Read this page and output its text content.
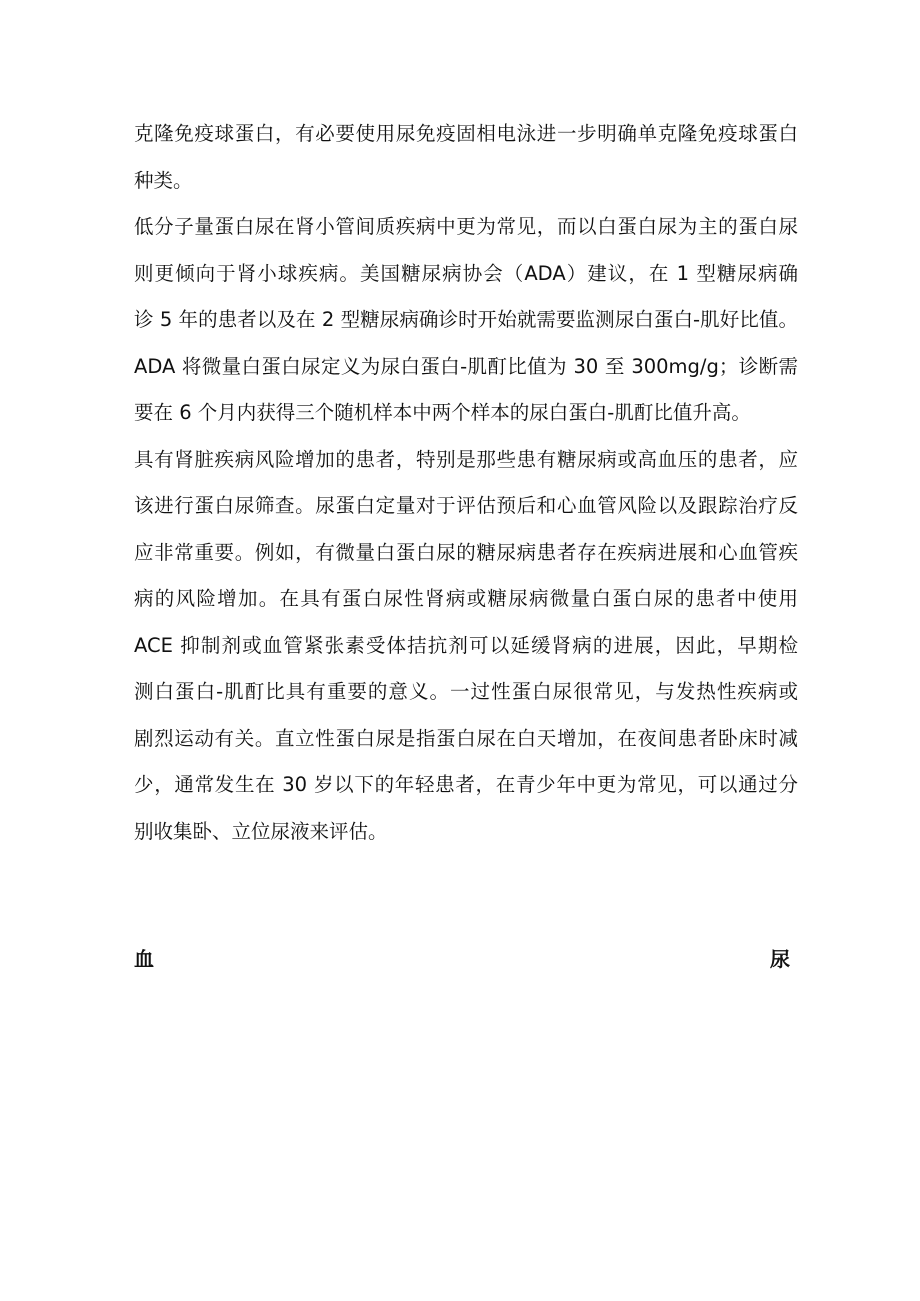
克隆免疫球蛋白，有必要使用尿免疫固相电泳进一步明确单克隆免疫球蛋白
种类。
低分子量蛋白尿在肾小管间质疾病中更为常见，而以白蛋白尿为主的蛋白尿
则更倾向于肾小球疾病。美国糖尿病协会（ADA）建议，在 1 型糖尿病确
诊 5 年的患者以及在 2 型糖尿病确诊时开始就需要监测尿白蛋白-肌好比值。
ADA 将微量白蛋白尿定义为尿白蛋白-肌酊比值为 30 至 300mg/g；诊断需
要在 6 个月内获得三个随机样本中两个样本的尿白蛋白-肌酊比值升高。
具有肾脏疾病风险增加的患者，特别是那些患有糖尿病或高血压的患者，应
该进行蛋白尿筛查。尿蛋白定量对于评估预后和心血管风险以及跟踪治疗反
应非常重要。例如，有微量白蛋白尿的糖尿病患者存在疾病进展和心血管疾
病的风险增加。在具有蛋白尿性肾病或糖尿病微量白蛋白尿的患者中使用
ACE 抑制剂或血管紧张素受体拮抗剂可以延缓肾病的进展，因此，早期检
测白蛋白-肌酊比具有重要的意义。一过性蛋白尿很常见，与发热性疾病或
剧烈运动有关。直立性蛋白尿是指蛋白尿在白天增加，在夜间患者卧床时减
少，通常发生在 30 岁以下的年轻患者，在青少年中更为常见，可以通过分
别收集卧、立位尿液来评估。
血	尿
